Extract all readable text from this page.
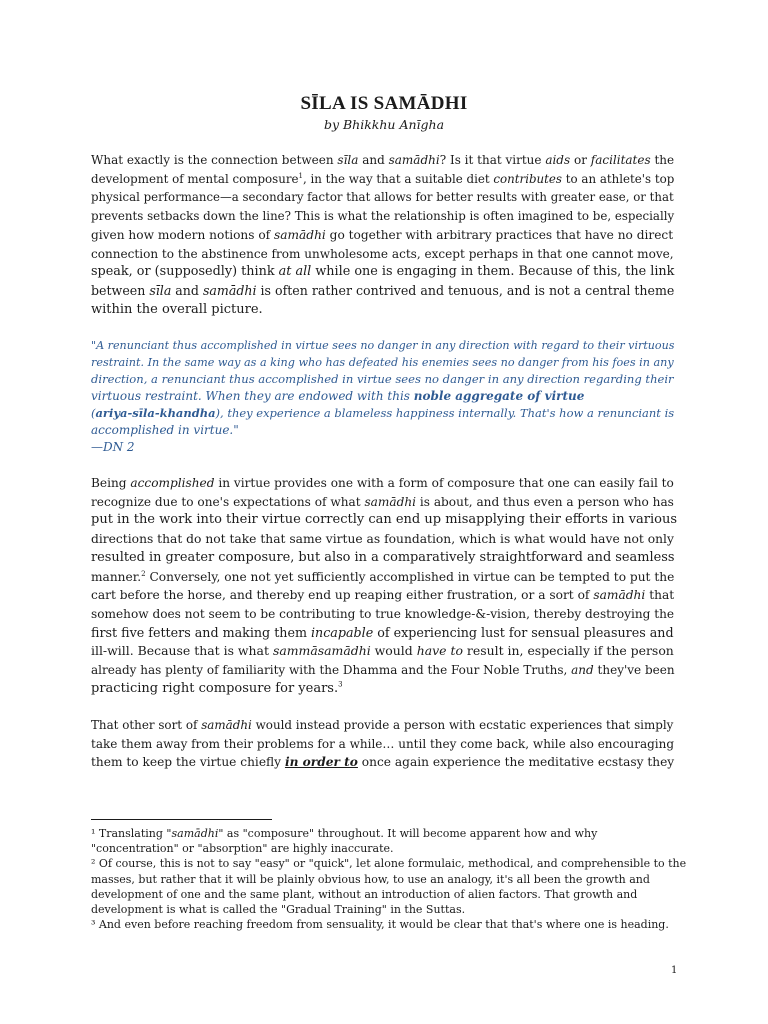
SĪLA IS SAMĀDHI
by Bhikkhu Anīgha
What exactly is the connection between sīla and samādhi? Is it that virtue aids or facilitates the
development of mental composure$^1$, in the way that a suitable diet contributes to an athlete's top
physical performance—a secondary factor that allows for better results with greater ease, or that
prevents setbacks down the line? This is what the relationship is often imagined to be, especially
given how modern notions of samādhi go together with arbitrary practices that have no direct
connection to the abstinence from unwholesome acts, except perhaps in that one cannot move,
speak, or (supposedly) think at all while one is engaging in them. Because of this, the link
between sīla and samādhi is often rather contrived and tenuous, and is not a central theme
within the overall picture.
"A renunciant thus accomplished in virtue sees no danger in any direction with regard to their virtuous
restraint. In the same way as a king who has defeated his enemies sees no danger from his foes in any
direction, a renunciant thus accomplished in virtue sees no danger in any direction regarding their
virtuous restraint. When they are endowed with this noble aggregate of virtue
(ariya-sīla-khandha), they experience a blameless happiness internally. That's how a renunciant is
accomplished in virtue."
—DN 2
Being accomplished in virtue provides one with a form of composure that one can easily fail to
recognize due to one's expectations of what samādhi is about, and thus even a person who has
put in the work into their virtue correctly can end up misapplying their efforts in various
directions that do not take that same virtue as foundation, which is what would have not only
resulted in greater composure, but also in a comparatively straightforward and seamless
manner.$^2$ Conversely, one not yet sufficiently accomplished in virtue can be tempted to put the
cart before the horse, and thereby end up reaping either frustration, or a sort of samādhi that
somehow does not seem to be contributing to true knowledge-&-vision, thereby destroying the
first five fetters and making them incapable of experiencing lust for sensual pleasures and
ill-will. Because that is what sammāsamādhi would have to result in, especially if the person
already has plenty of familiarity with the Dhamma and the Four Noble Truths, and they've been
practicing right composure for years.$^3$
That other sort of samādhi would instead provide a person with ecstatic experiences that simply
take them away from their problems for a while… until they come back, while also encouraging
them to keep the virtue chiefly in order to once again experience the meditative ecstasy they
¹ Translating "samādhi" as "composure" throughout. It will become apparent how and why
"concentration" or "absorption" are highly inaccurate.
² Of course, this is not to say "easy" or "quick", let alone formulaic, methodical, and comprehensible to the
masses, but rather that it will be plainly obvious how, to use an analogy, it's all been the growth and
development of one and the same plant, without an introduction of alien factors. That growth and
development is what is called the "Gradual Training" in the Suttas.
³ And even before reaching freedom from sensuality, it would be clear that that's where one is heading.
1
